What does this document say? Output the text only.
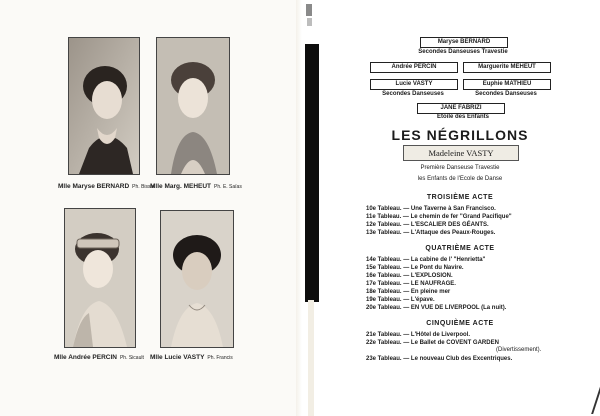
Mlle Maryse BERNARD Ph. Bissel
Mlle Marg. MEHEUT Ph. E. Saïas
Mlle Andrée PERCIN Ph. Sicault Mlle Lucie VASTY Ph. Francis
Maryse BERNARD
Secondes Danseuses Travestie
Andrée PERCIN	Marguerite MEHEUT
Lucie VASTY	Euphie MATHIEU
Secondes Danseuses	Secondes Danseuses
JANE FABRIZI
Etoile des Enfants
LES NÉGRILLONS
Madeleine VASTY
Première Danseuse Travestie
les Enfants de l'Ecole de Danse
TROISIÈME ACTE
10e Tableau. — Une Taverne à San Francisco.
11e Tableau. — Le chemin de fer "Grand Pacifique"
12e Tableau. — L'ESCALIER DES GÉANTS.
13e Tableau. — L'Attaque des Peaux-Rouges.
QUATRIÈME ACTE
14e Tableau. — La cabine de l' "Henrietta"
15e Tableau. — Le Pont du Navire.
16e Tableau. — L'EXPLOSION.
17e Tableau. — LE NAUFRAGE.
18e Tableau. — En pleine mer
19e Tableau. — L'épave.
20e Tableau. — EN VUE DE LIVERPOOL (La nuit).
CINQUIÈME ACTE
21e Tableau. — L'Hôtel de Liverpool.
22e Tableau. — Le Ballet de COVENT GARDEN
(Divertissement).
23e Tableau. — Le nouveau Club des Excentriques.
